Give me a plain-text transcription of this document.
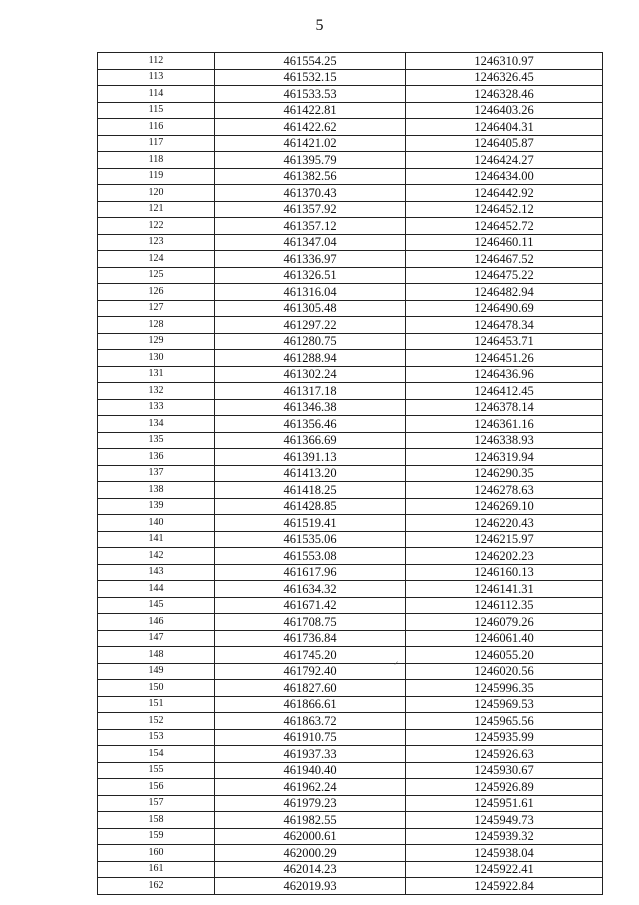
5
112	461554.25	1246310.97
113	461532.15	1246326.45
114	461533.53	1246328.46
115	461422.81	1246403.26
116	461422.62	1246404.31
117	461421.02	1246405.87
118	461395.79	1246424.27
119	461382.56	1246434.00
120	461370.43	1246442.92
121	461357.92	1246452.12
122	461357.12	1246452.72
123	461347.04	1246460.11
124	461336.97	1246467.52
125	461326.51	1246475.22
126	461316.04	1246482.94
127	461305.48	1246490.69
128	461297.22	1246478.34
129	461280.75	1246453.71
130	461288.94	1246451.26
131	461302.24	1246436.96
132	461317.18	1246412.45
133	461346.38	1246378.14
134	461356.46	1246361.16
135	461366.69	1246338.93
136	461391.13	1246319.94
137	461413.20	1246290.35
138	461418.25	1246278.63
139	461428.85	1246269.10
140	461519.41	1246220.43
141	461535.06	1246215.97
142	461553.08	1246202.23
143	461617.96	1246160.13
144	461634.32	1246141.31
145	461671.42	1246112.35
146	461708.75	1246079.26
147	461736.84	1246061.40
148	461745.20	1246055.20
149	461792.40	1246020.56
150	461827.60	1245996.35
151	461866.61	1245969.53
152	461863.72	1245965.56
153	461910.75	1245935.99
154	461937.33	1245926.63
155	461940.40	1245930.67
156	461962.24	1245926.89
157	461979.23	1245951.61
158	461982.55	1245949.73
159	462000.61	1245939.32
160	462000.29	1245938.04
161	462014.23	1245922.41
162	462019.93	1245922.84
⸝
